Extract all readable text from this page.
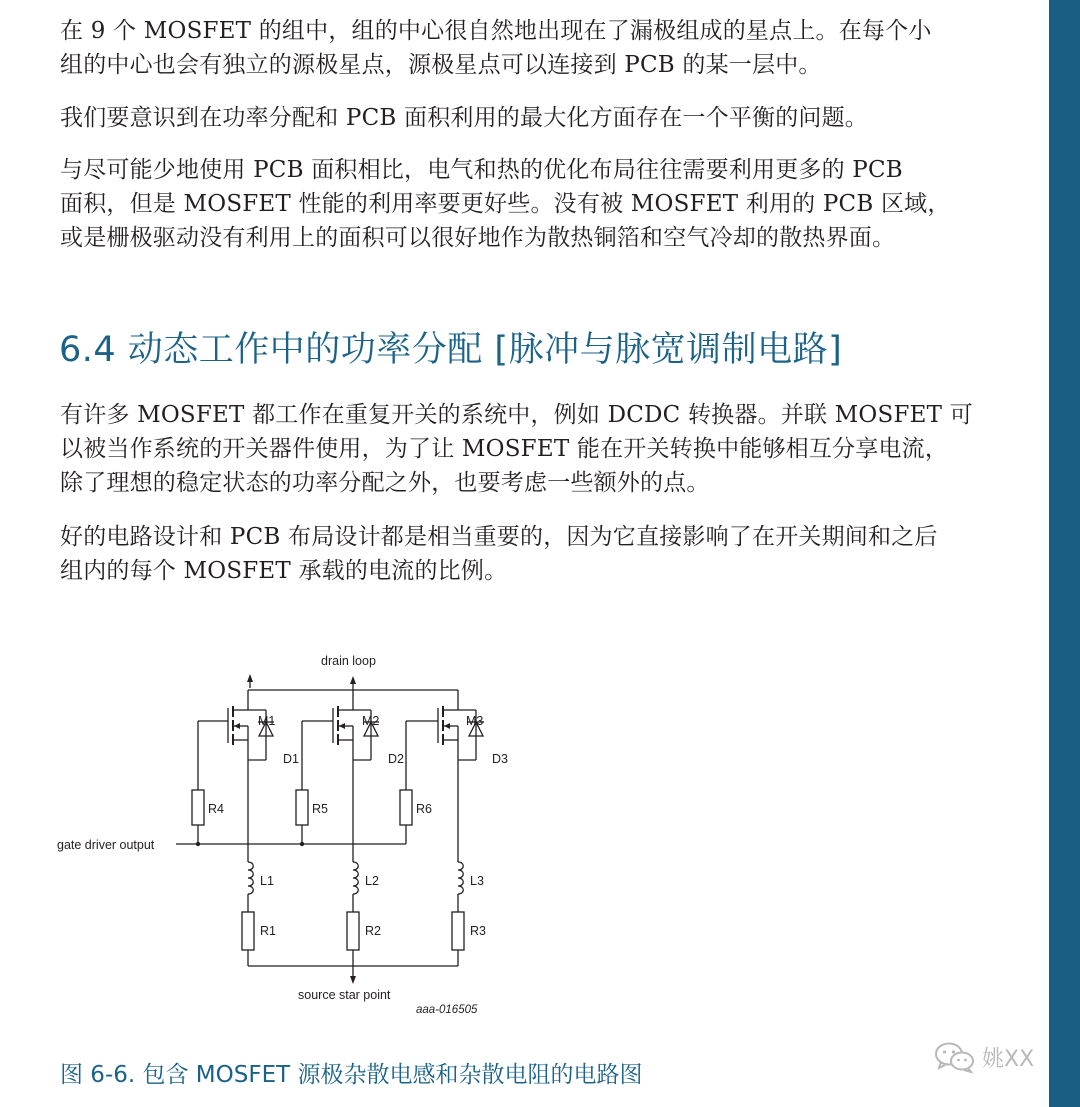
在 9 个 MOSFET 的组中，组的中心很自然地出现在了漏极组成的星点上。在每个小
组的中心也会有独立的源极星点，源极星点可以连接到 PCB 的某一层中。
我们要意识到在功率分配和 PCB 面积利用的最大化方面存在一个平衡的问题。
与尽可能少地使用 PCB 面积相比，电气和热的优化布局往往需要利用更多的 PCB
面积，但是 MOSFET 性能的利用率要更好些。没有被 MOSFET 利用的 PCB 区域，
或是栅极驱动没有利用上的面积可以很好地作为散热铜箔和空气冷却的散热界面。
6.4 动态工作中的功率分配 [脉冲与脉宽调制电路]
有许多 MOSFET 都工作在重复开关的系统中，例如 DCDC 转换器。并联 MOSFET 可
以被当作系统的开关器件使用，为了让 MOSFET 能在开关转换中能够相互分享电流，
除了理想的稳定状态的功率分配之外，也要考虑一些额外的点。
好的电路设计和 PCB 布局设计都是相当重要的，因为它直接影响了在开关期间和之后
组内的每个 MOSFET 承载的电流的比例。
drain loop
gate driver output
source star point
aaa-016505
M1	M2	M3
D1	D2	D3
R4	R5	R6
L1	L2	L3
R1	R2	R3

图 6-6. 包含 MOSFET 源极杂散电感和杂散电阻的电路图

姚XX
